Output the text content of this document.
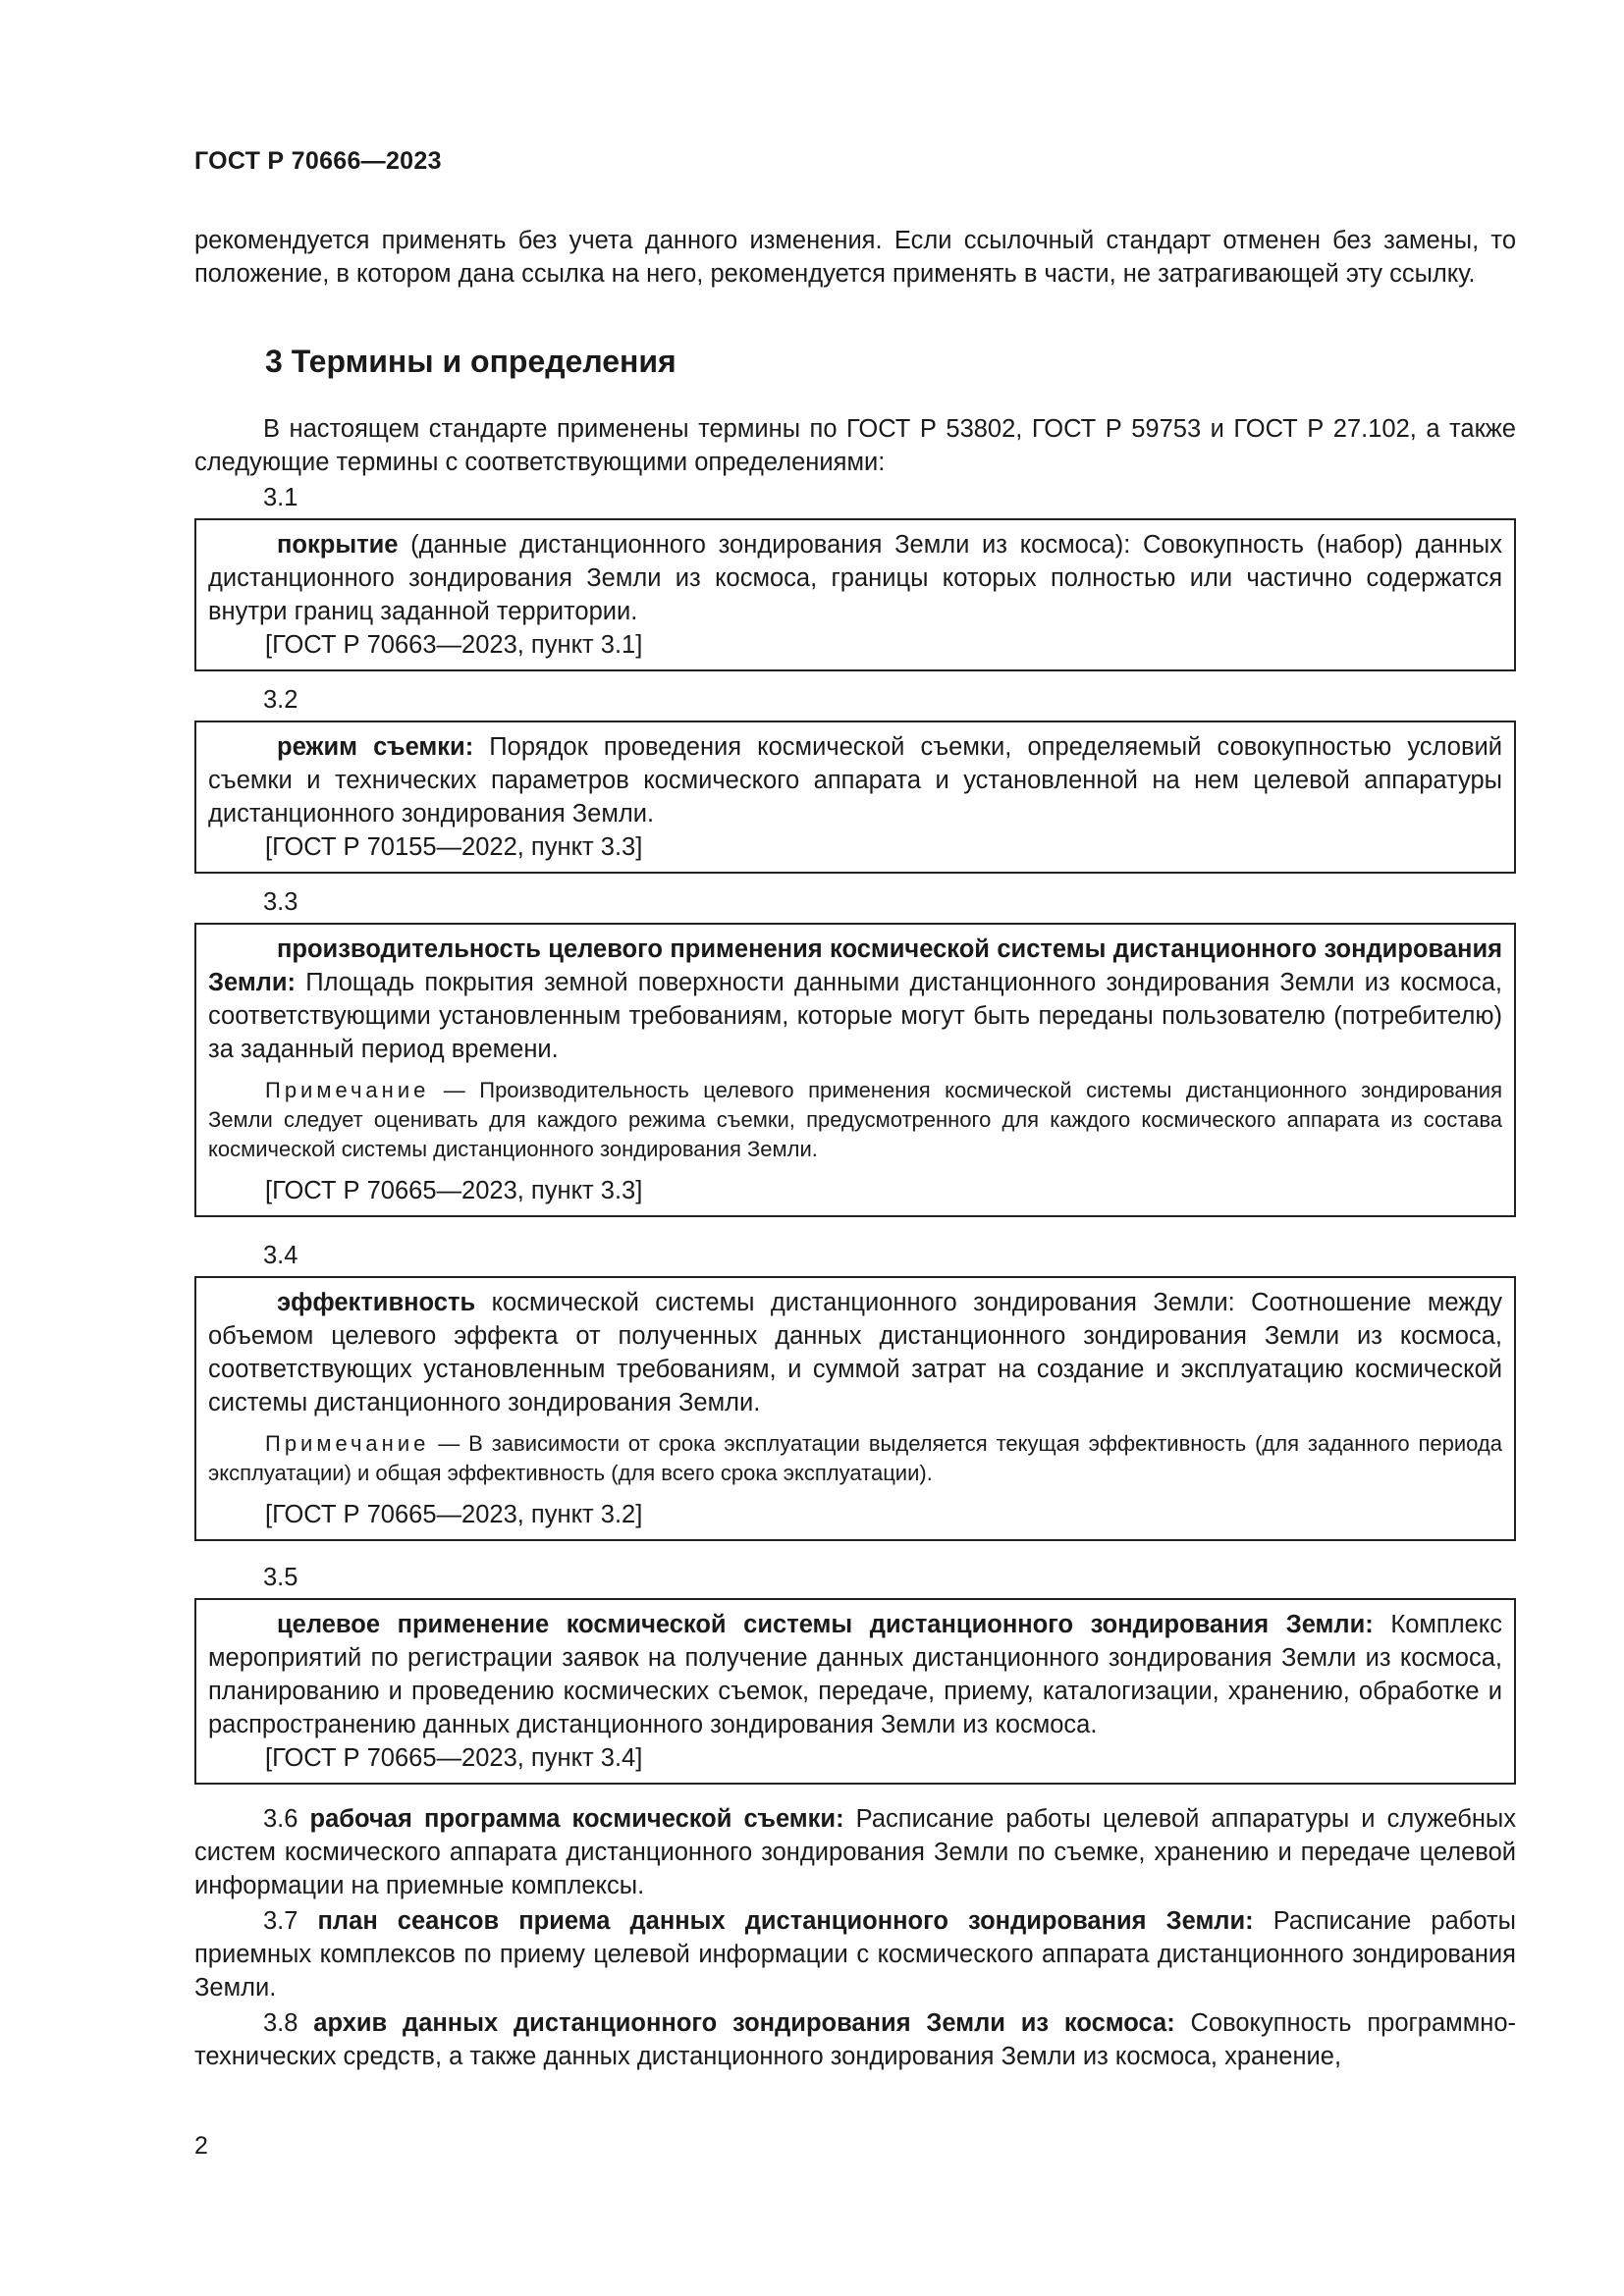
ГОСТ Р 70666—2023

рекомендуется применять без учета данного изменения. Если ссылочный стандарт отменен без замены, то положение, в котором дана ссылка на него, рекомендуется применять в части, не затрагивающей эту ссылку.

3 Термины и определения

В настоящем стандарте применены термины по ГОСТ Р 53802, ГОСТ Р 59753 и ГОСТ Р 27.102, а также следующие термины с соответствующими определениями:

3.1

покрытие (данные дистанционного зондирования Земли из космоса): Совокупность (набор) данных дистанционного зондирования Земли из космоса, границы которых полностью или частично содержатся внутри границ заданной территории.

[ГОСТ Р 70663—2023, пункт 3.1]

3.2

режим съемки: Порядок проведения космической съемки, определяемый совокупностью условий съемки и технических параметров космического аппарата и установленной на нем целевой аппаратуры дистанционного зондирования Земли.

[ГОСТ Р 70155—2022, пункт 3.3]

3.3

производительность целевого применения космической системы дистанционного зондирования Земли: Площадь покрытия земной поверхности данными дистанционного зондирования Земли из космоса, соответствующими установленным требованиям, которые могут быть переданы пользователю (потребителю) за заданный период времени.

Примечание — Производительность целевого применения космической системы дистанционного зондирования Земли следует оценивать для каждого режима съемки, предусмотренного для каждого космического аппарата из состава космической системы дистанционного зондирования Земли.

[ГОСТ Р 70665—2023, пункт 3.3]

3.4

эффективность космической системы дистанционного зондирования Земли: Соотношение между объемом целевого эффекта от полученных данных дистанционного зондирования Земли из космоса, соответствующих установленным требованиям, и суммой затрат на создание и эксплуатацию космической системы дистанционного зондирования Земли.

Примечание — В зависимости от срока эксплуатации выделяется текущая эффективность (для заданного периода эксплуатации) и общая эффективность (для всего срока эксплуатации).

[ГОСТ Р 70665—2023, пункт 3.2]

3.5

целевое применение космической системы дистанционного зондирования Земли: Комплекс мероприятий по регистрации заявок на получение данных дистанционного зондирования Земли из космоса, планированию и проведению космических съемок, передаче, приему, каталогизации, хранению, обработке и распространению данных дистанционного зондирования Земли из космоса.

[ГОСТ Р 70665—2023, пункт 3.4]

3.6 рабочая программа космической съемки: Расписание работы целевой аппаратуры и служебных систем космического аппарата дистанционного зондирования Земли по съемке, хранению и передаче целевой информации на приемные комплексы.

3.7 план сеансов приема данных дистанционного зондирования Земли: Расписание работы приемных комплексов по приему целевой информации с космического аппарата дистанционного зондирования Земли.

3.8 архив данных дистанционного зондирования Земли из космоса: Совокупность программно-технических средств, а также данных дистанционного зондирования Земли из космоса, хранение,

2
